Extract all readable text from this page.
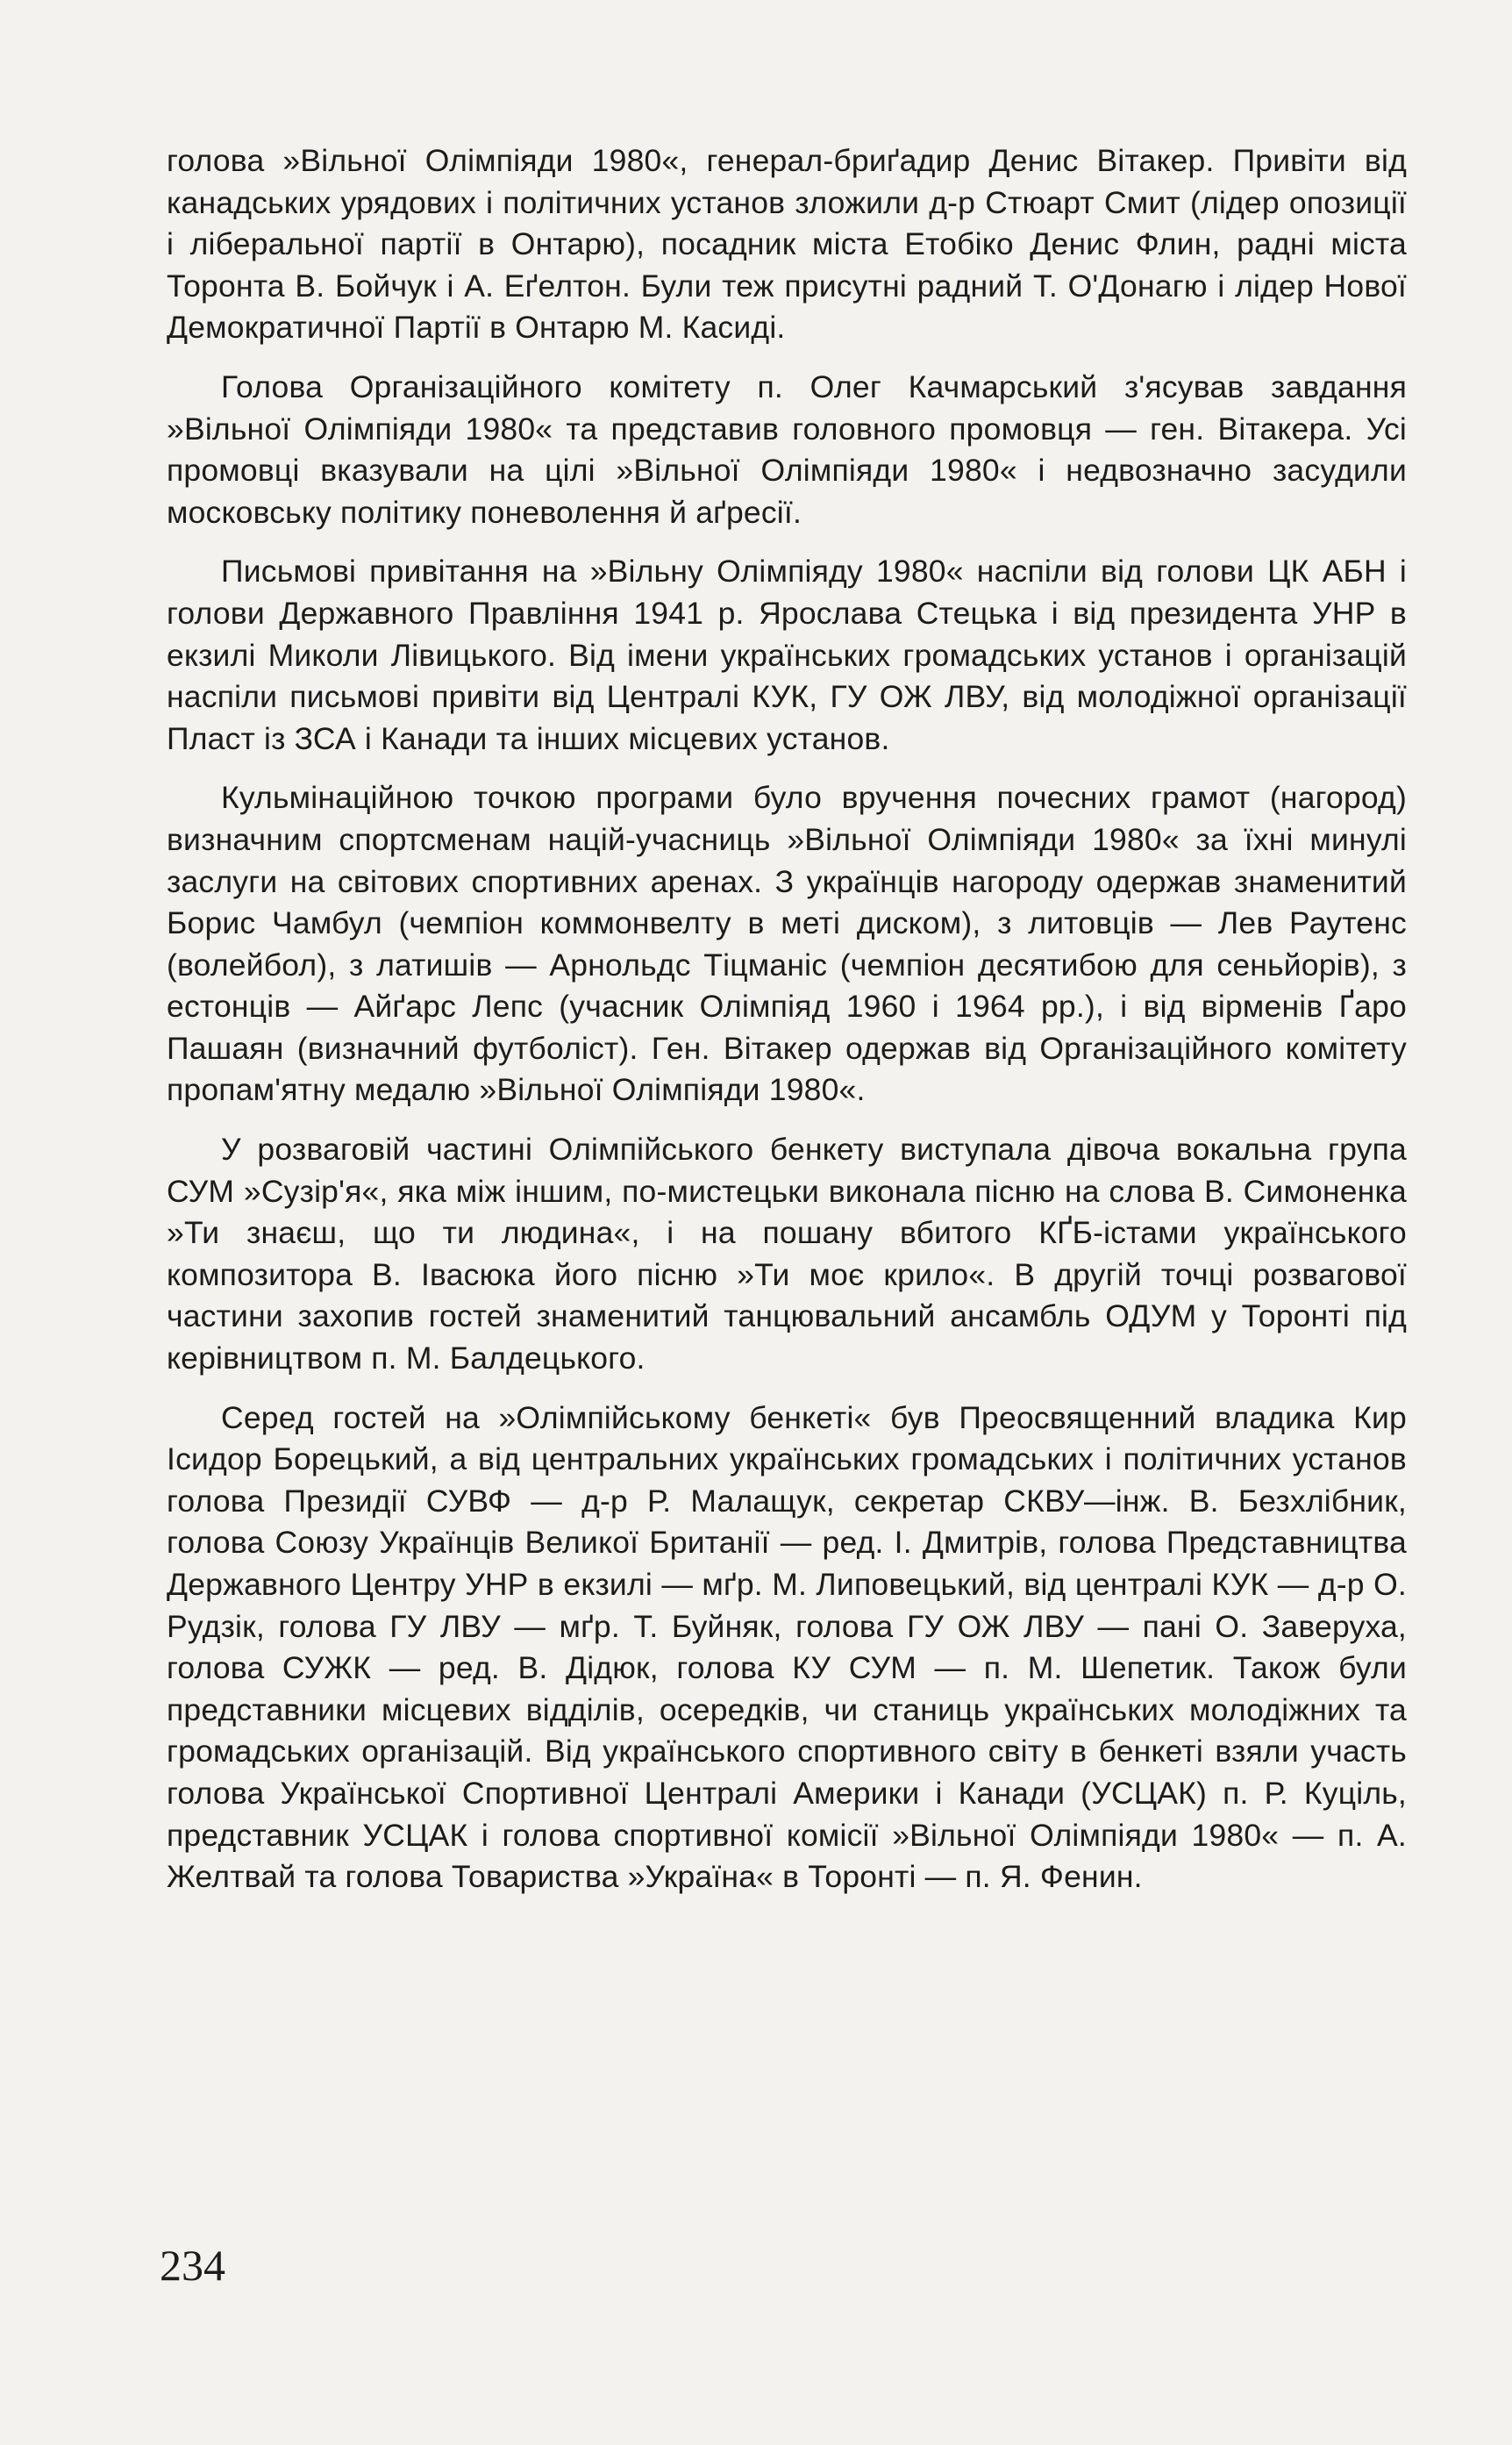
голова »Вільної Олімпіяди 1980«, генерал-бриґадир Денис Вітакер. Привіти від канадських урядових і політичних установ зложили д-р Стюарт Смит (лідер опозиції і ліберальної партії в Онтарю), посадник міста Етобіко Денис Флин, радні міста Торонта В. Бойчук і А. Еґелтон. Були теж присутні радний Т. О'Донагю і лідер Нової Демократичної Партії в Онтарю М. Касиді.

Голова Організаційного комітету п. Олег Качмарський з'ясував завдання »Вільної Олімпіяди 1980« та представив головного промовця — ген. Вітакера. Усі промовці вказували на цілі »Вільної Олімпіяди 1980« і недвозначно засудили московську політику поневолення й аґресії.

Письмові привітання на »Вільну Олімпіяду 1980« наспіли від голови ЦК АБН і голови Державного Правління 1941 р. Ярослава Стецька і від президента УНР в екзилі Миколи Лівицького. Від імени українських громадських установ і організацій наспіли письмові привіти від Централі КУК, ГУ ОЖ ЛВУ, від молодіжної організації Пласт із ЗСА і Канади та інших місцевих установ.

Кульмінаційною точкою програми було вручення почесних грамот (нагород) визначним спортсменам націй-учасниць »Вільної Олімпіяди 1980« за їхні минулі заслуги на світових спортивних аренах. З українців нагороду одержав знаменитий Борис Чамбул (чемпіон коммонвелту в меті диском), з литовців — Лев Раутенс (волейбол), з латишів — Арнольдс Тіцманіс (чемпіон десятибою для сеньйорів), з естонців — Айґарс Лепс (учасник Олімпіяд 1960 і 1964 рр.), і від вірменів Ґаро Пашаян (визначний футболіст). Ген. Вітакер одержав від Організаційного комітету пропам'ятну медалю »Вільної Олімпіяди 1980«.

У розваговій частині Олімпійського бенкету виступала дівоча вокальна група СУМ »Сузір'я«, яка між іншим, по-мистецьки виконала пісню на слова В. Симоненка »Ти знаєш, що ти людина«, і на пошану вбитого КҐБ-істами українського композитора В. Івасюка його пісню »Ти моє крило«. В другій точці розвагової частини захопив гостей знаменитий танцювальний ансамбль ОДУМ у Торонті під керівництвом п. М. Балдецького.

Серед гостей на »Олімпійському бенкеті« був Преосвященний владика Кир Ісидор Борецький, а від центральних українських громадських і політичних установ голова Президії СУВФ — д-р Р. Малащук, секретар СКВУ—інж. В. Безхлібник, голова Союзу Українців Великої Британії — ред. І. Дмитрів, голова Представництва Державного Центру УНР в екзилі — мґр. М. Липовецький, від централі КУК — д-р О. Рудзік, голова ГУ ЛВУ — мґр. Т. Буйняк, голова ГУ ОЖ ЛВУ — пані О. Заверуха, голова СУЖК — ред. В. Дідюк, голова КУ СУМ — п. М. Шепетик. Також були представники місцевих відділів, осередків, чи станиць українських молодіжних та громадських організацій. Від українського спортивного світу в бенкеті взяли участь голова Української Спортивної Централі Америки і Канади (УСЦАК) п. Р. Куціль, представник УСЦАК і голова спортивної комісії »Вільної Олімпіяди 1980« — п. А. Желтвай та голова Товариства »Україна« в Торонті — п. Я. Фенин.

234
